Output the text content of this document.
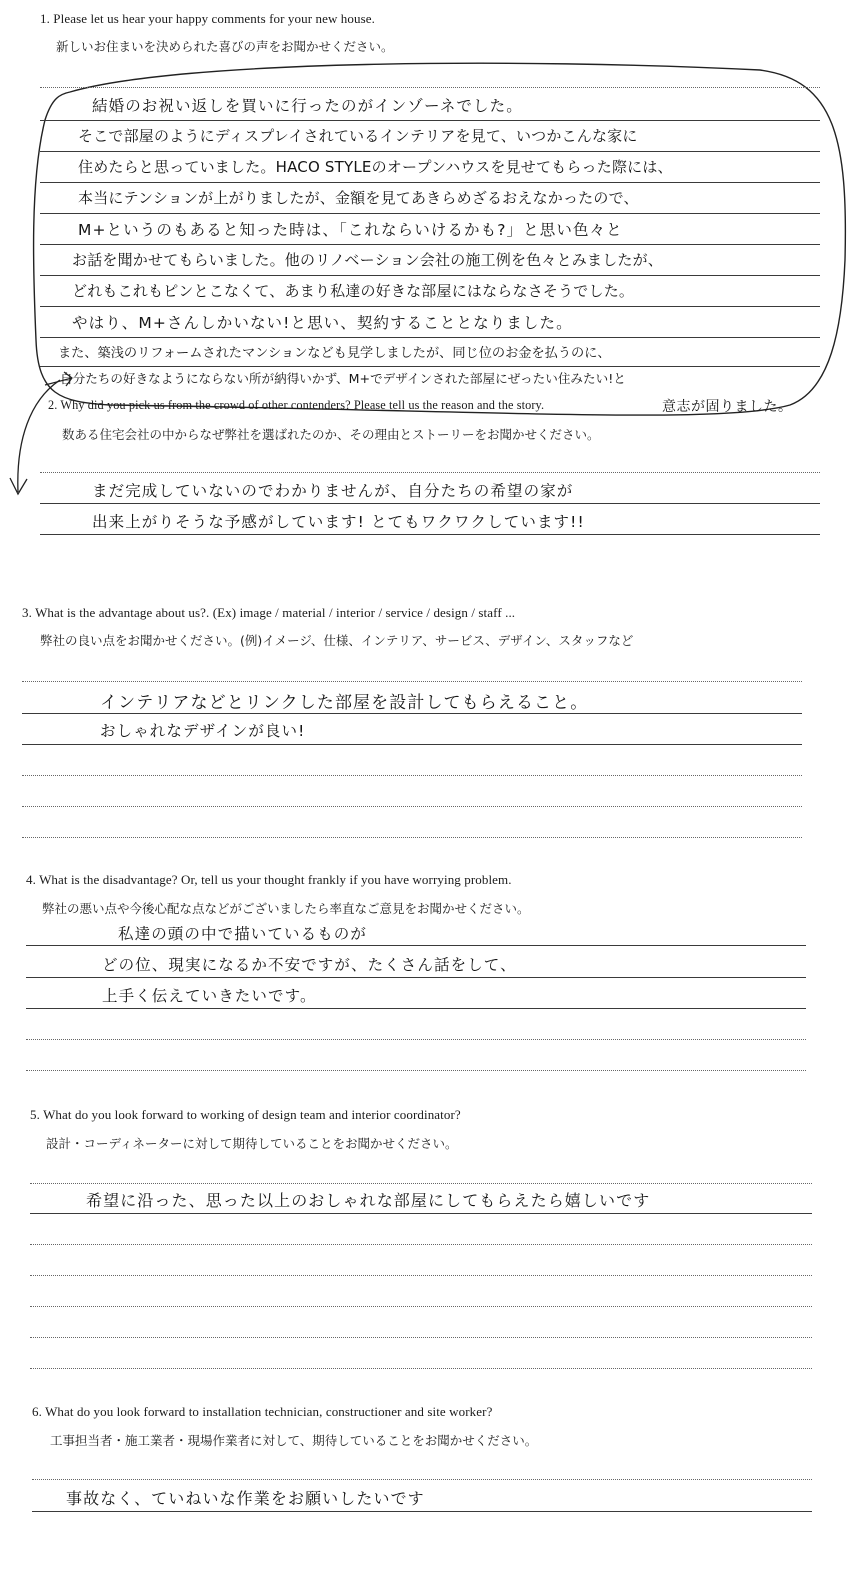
1. Please let us hear your happy comments for your new house.
新しいお住まいを決められた喜びの声をお聞かせください。
結婚のお祝い返しを買いに行ったのがインゾーネでした。
そこで部屋のようにディスプレイされているインテリアを見て、いつかこんな家に
住めたらと思っていました。HACO STYLEのオープンハウスを見せてもらった際には、
本当にテンションが上がりましたが、金額を見てあきらめざるおえなかったので、
M+というのもあると知った時は、「これならいけるかも?」と思い色々と
お話を聞かせてもらいました。他のリノベーション会社の施工例を色々とみましたが、
どれもこれもピンとこなくて、あまり私達の好きな部屋にはならなさそうでした。
やはり、M+さんしかいない!と思い、契約することとなりました。
また、築浅のリフォームされたマンションなども見学しましたが、同じ位のお金を払うのに、
自分たちの好きなようにならない所が納得いかず、M+でデザインされた部屋にぜったい住みたい!と
意志が固りました。
2. Why did you pick us from the crowd of other contenders? Please tell us the reason and the story.
数ある住宅会社の中からなぜ弊社を選ばれたのか、その理由とストーリーをお聞かせください。
まだ完成していないのでわかりませんが、自分たちの希望の家が
出来上がりそうな予感がしています! とてもワクワクしています!!
3. What is the advantage about us?. (Ex) image / material / interior / service / design / staff ...
弊社の良い点をお聞かせください。(例)イメージ、仕様、インテリア、サービス、デザイン、スタッフなど
インテリアなどとリンクした部屋を設計してもらえること。
おしゃれなデザインが良い!
4. What is the disadvantage? Or, tell us your thought frankly if you have worrying problem.
弊社の悪い点や今後心配な点などがございましたら率直なご意見をお聞かせください。
私達の頭の中で描いているものが
どの位、現実になるか不安ですが、たくさん話をして、
上手く伝えていきたいです。
5. What do you look forward to working of design team and interior coordinator?
設計・コーディネーターに対して期待していることをお聞かせください。
希望に沿った、思った以上のおしゃれな部屋にしてもらえたら嬉しいです
6. What do you look forward to installation technician, constructioner and site worker?
工事担当者・施工業者・現場作業者に対して、期待していることをお聞かせください。
事故なく、ていねいな作業をお願いしたいです
